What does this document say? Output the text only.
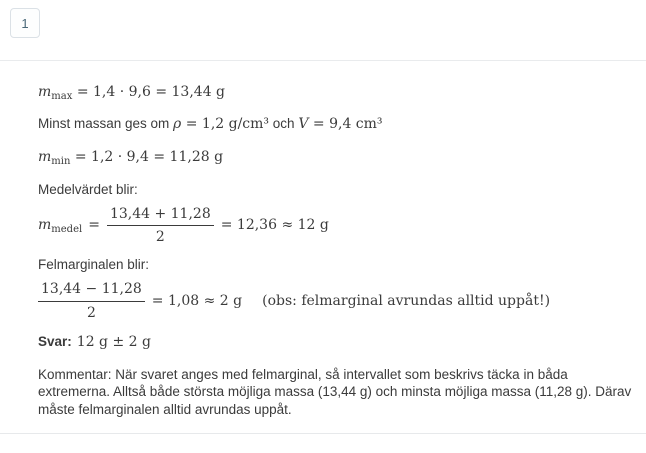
1
$m_{max} = 1,4 \cdot 9,6 = 13,44$ g
Minst massan ges om ρ = 1,2 g/cm³ och V = 9,4 cm³
$m_{min} = 1,2 \cdot 9,4 = 11,28$ g
Medelvärdet blir:
$m_{medel} = \frac{13,44 + 11,28}{2} = 12,36 \approx 12$ g
Felmarginalen blir:
$\frac{13,44 - 11,28}{2} = 1,08 \approx 2$ g (obs: felmarginal avrundas alltid uppåt!)
Svar: 12 g ± 2 g
Kommentar: När svaret anges med felmarginal, så intervallet som beskrivs täcka in båda extremerna. Alltså både största möjliga massa (13,44 g) och minsta möjliga massa (11,28 g). Därav måste felmarginalen alltid avrundas uppåt.
